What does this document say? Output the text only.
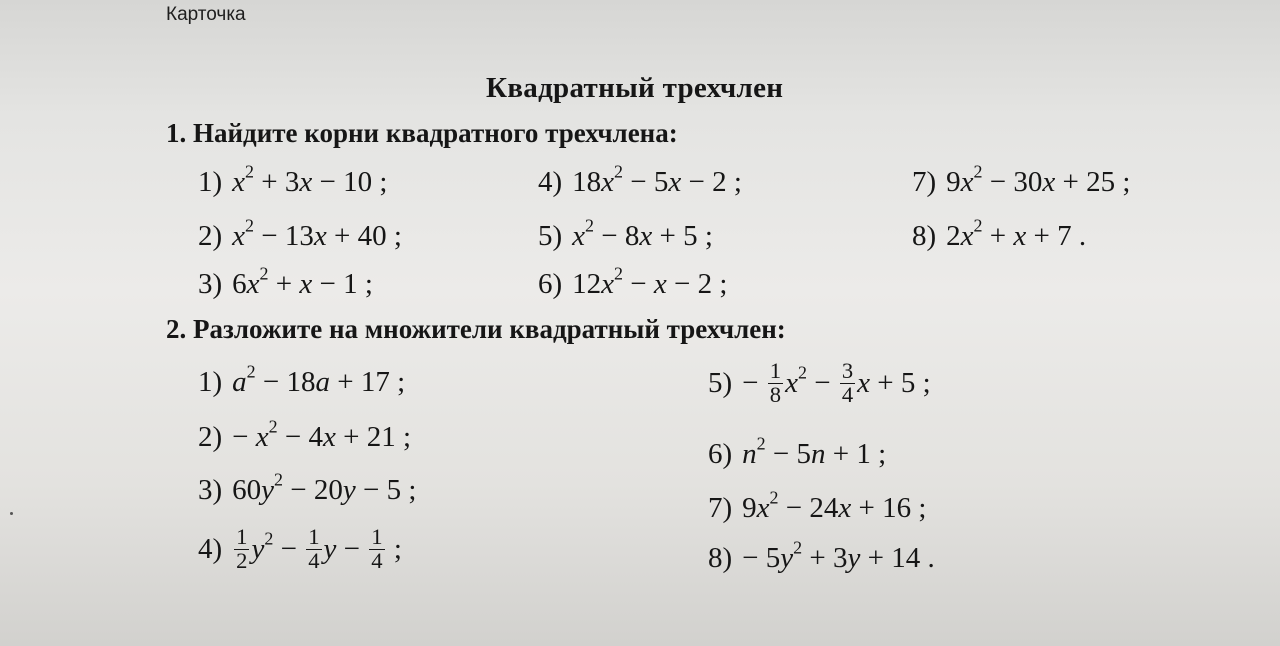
Карточка
Квадратный трехчлен
1. Найдите корни квадратного трехчлена:
1) $x^2 + 3x - 10$ ;
2) $x^2 - 13x + 40$ ;
3) $6x^2 + x - 1$ ;
4) $18x^2 - 5x - 2$ ;
5) $x^2 - 8x + 5$ ;
6) $12x^2 - x - 2$ ;
7) $9x^2 - 30x + 25$ ;
8) $2x^2 + x + 7$ .
2. Разложите на множители квадратный трехчлен:
1) $a^2 - 18a + 17$ ;
$2) - x^2 - 4x + 21$ ;
3) $60y^2 - 20y - 5$ ;
$4) \frac{1}{2} y^2 - \frac{1}{4}$ $y - \frac{1}{4}$ ;
$5) - \frac{1}{8} x^2 - \frac{3}{4}$ x + 5 ;
6) $n^2 - 5n + 1$ ;
7) $9x^2 - 24x + 16$ ;
$8) - 5y^2 + 3y + 14$ .
